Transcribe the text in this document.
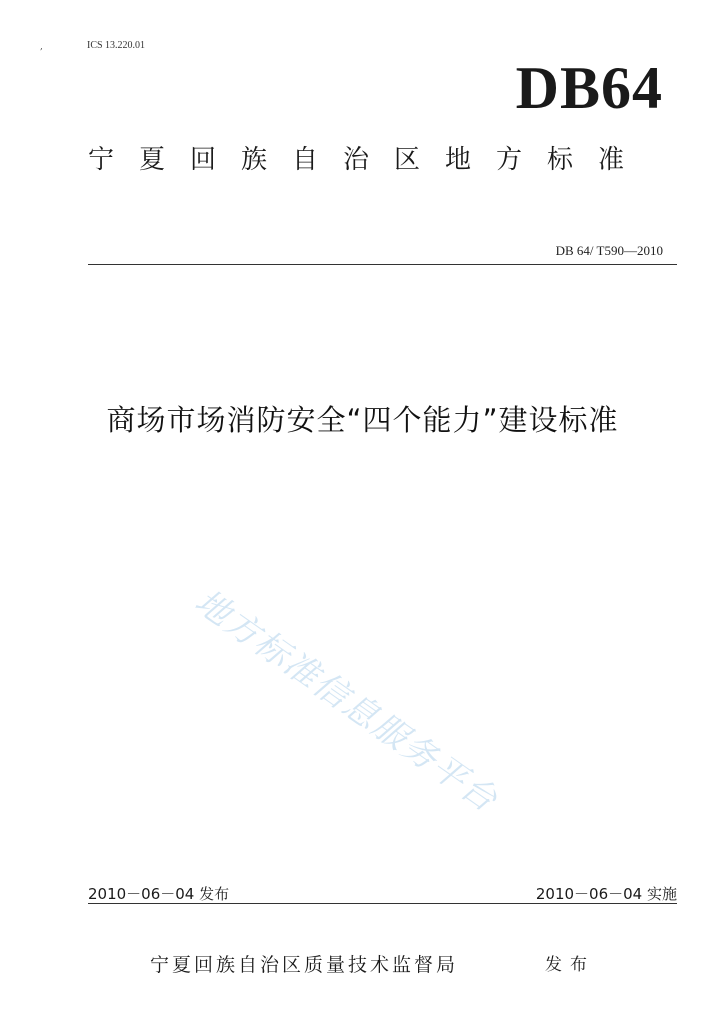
,	ICS 13.220.01
DB64
宁夏回族自治区地方标准
DB 64/ T590—2010
商场市场消防安全“四个能力”建设标准
地方标准信息服务平台
2010－06－04 发布	2010－06－04 实施
宁夏回族自治区质量技术监督局	发布
